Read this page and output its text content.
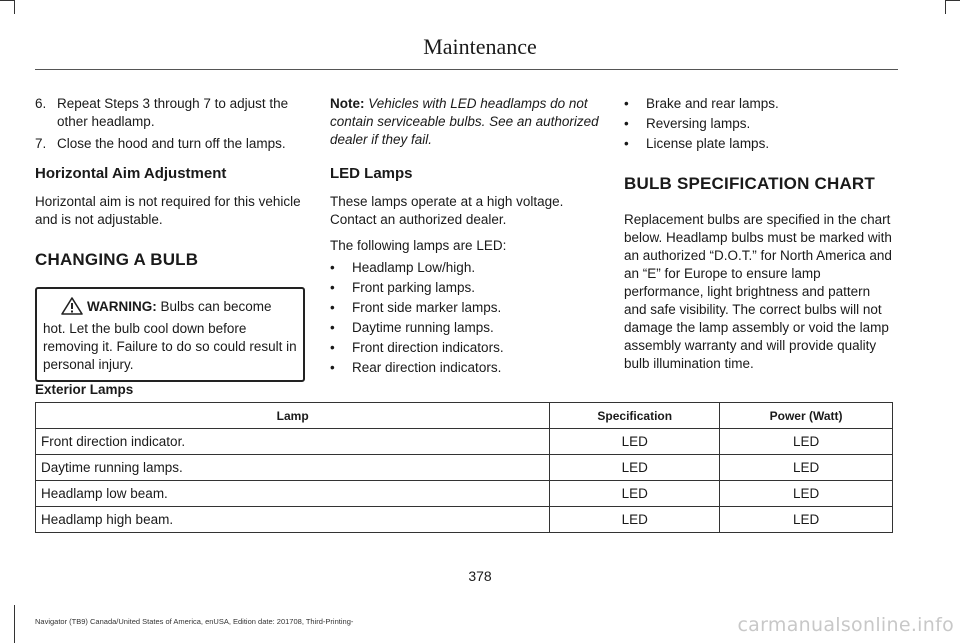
Maintenance
6. Repeat Steps 3 through 7 to adjust the other headlamp.
7. Close the hood and turn off the lamps.
Horizontal Aim Adjustment

Horizontal aim is not required for this vehicle and is not adjustable.

CHANGING A BULB
WARNING: Bulbs can become hot. Let the bulb cool down before removing it. Failure to do so could result in personal injury.

Note: Vehicles with LED headlamps do not contain serviceable bulbs. See an authorized dealer if they fail.

LED Lamps

These lamps operate at a high voltage. Contact an authorized dealer.

The following lamps are LED:

•	Headlamp Low/high.
•	Front parking lamps.
•	Front side marker lamps.
•	Daytime running lamps.
•	Front direction indicators.
•	Rear direction indicators.
•	Brake and rear lamps.
•	Reversing lamps.
•	License plate lamps.
BULB SPECIFICATION CHART

Replacement bulbs are specified in the chart below. Headlamp bulbs must be marked with an authorized “D.O.T.” for North America and an “E” for Europe to ensure lamp performance, light brightness and pattern and safe visibility. The correct bulbs will not damage the lamp assembly or void the lamp assembly warranty and will provide quality bulb illumination time.

Exterior Lamps
Lamp	Specification	Power (Watt)
Front direction indicator.	LED	LED
Daytime running lamps.	LED	LED
Headlamp low beam.	LED	LED
Headlamp high beam.	LED	LED
378
Navigator (TB9) Canada/United States of America, enUSA, Edition date: 201708, Third-Printing-	carmanualsonline.info
